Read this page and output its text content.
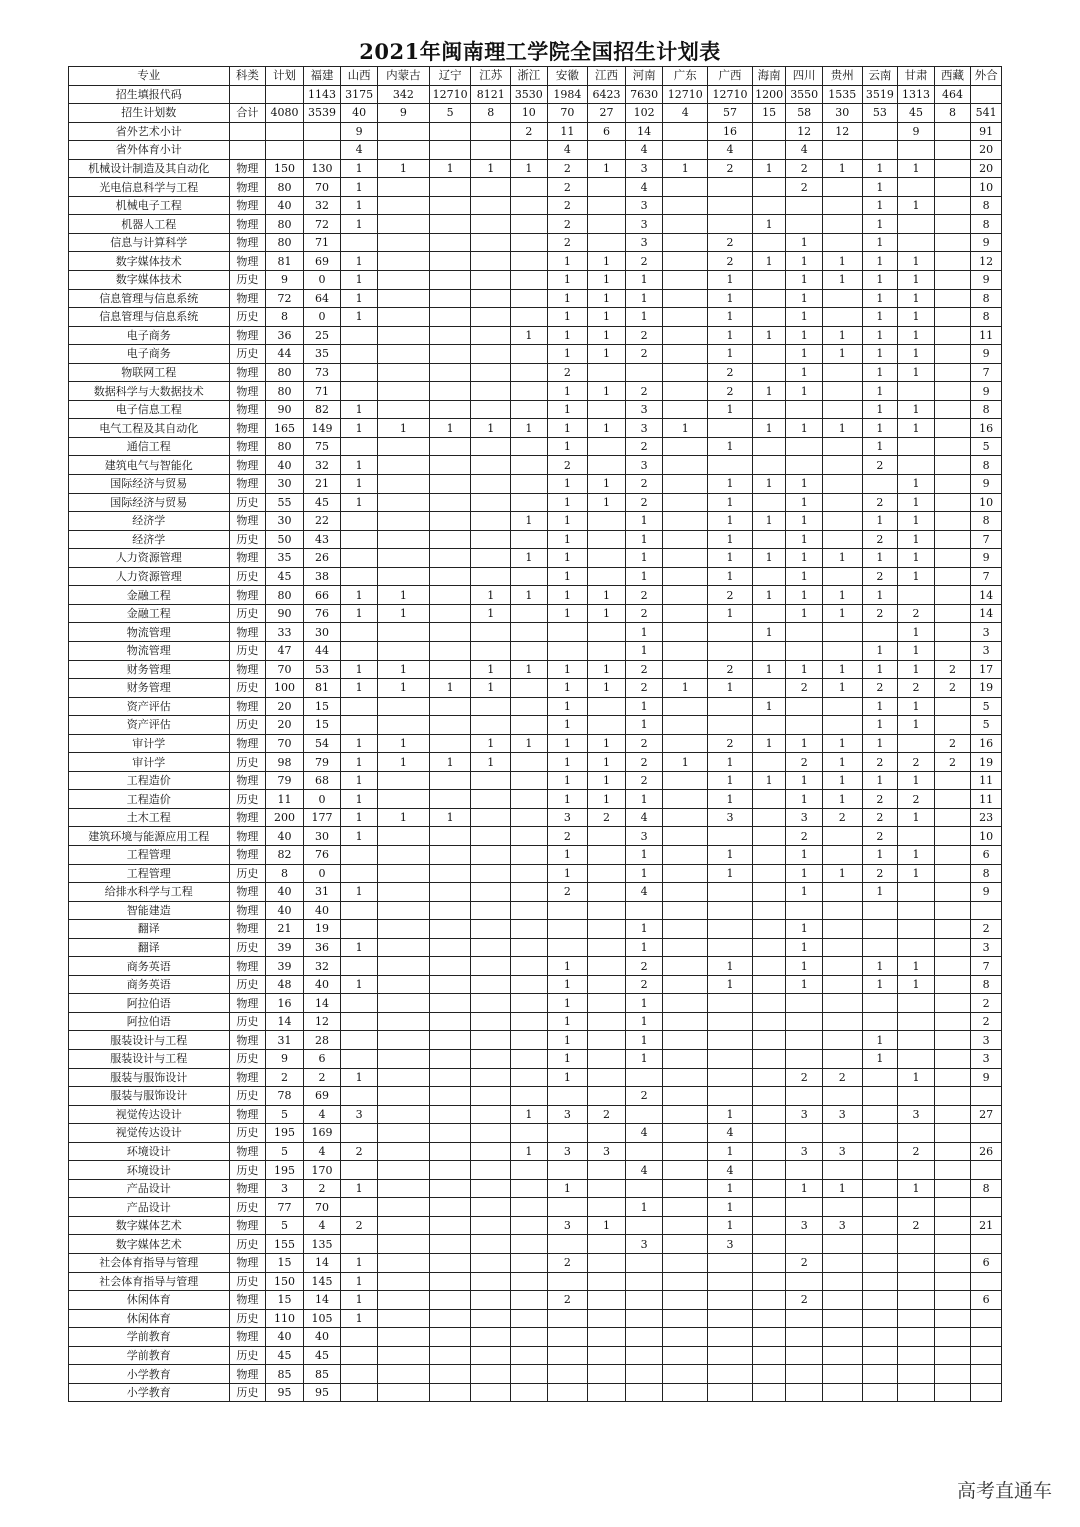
2021年闽南理工学院全国招生计划表
专业	科类	计划	福建	山西	内蒙古	辽宁	江苏	浙江	安徽	江西	河南	广东	广西	海南	四川	贵州	云南	甘肃	西藏	外合
招生填报代码			1143	3175	342	12710	8121	3530	1984	6423	7630	12710	12710	1200	3550	1535	3519	1313	464	
招生计划数	合计	4080	3539	40	9	5	8	10	70	27	102	4	57	15	58	30	53	45	8	541
省外艺术小计				9				2	11	6	14		16		12	12		9		91
省外体育小计				4					4		4		4		4					20
机械设计制造及其自动化	物理	150	130	1	1	1	1	1	2	1	3	1	2	1	2	1	1	1		20
光电信息科学与工程	物理	80	70	1					2		4				2		1			10
机械电子工程	物理	40	32	1					2		3						1	1		8
机器人工程	物理	80	72	1					2		3			1			1			8
信息与计算科学	物理	80	71						2		3		2		1		1			9
数字媒体技术	物理	81	69	1					1	1	2		2	1	1	1	1	1		12
数字媒体技术	历史	9	0	1					1	1	1		1		1	1	1	1		9
信息管理与信息系统	物理	72	64	1					1	1	1		1		1		1	1		8
信息管理与信息系统	历史	8	0	1					1	1	1		1		1		1	1		8
电子商务	物理	36	25					1	1	1	2		1	1	1	1	1	1		11
电子商务	历史	44	35						1	1	2		1		1	1	1	1		9
物联网工程	物理	80	73						2				2		1		1	1		7
数据科学与大数据技术	物理	80	71						1	1	2		2	1	1		1			9
电子信息工程	物理	90	82	1					1		3		1				1	1		8
电气工程及其自动化	物理	165	149	1	1	1	1	1	1	1	3	1		1	1	1	1	1		16
通信工程	物理	80	75						1		2		1				1			5
建筑电气与智能化	物理	40	32	1					2		3						2			8
国际经济与贸易	物理	30	21	1					1	1	2		1	1	1			1		9
国际经济与贸易	历史	55	45	1					1	1	2		1		1		2	1		10
经济学	物理	30	22					1	1		1		1	1	1		1	1		8
经济学	历史	50	43						1		1		1		1		2	1		7
人力资源管理	物理	35	26					1	1		1		1	1	1	1	1	1		9
人力资源管理	历史	45	38						1		1		1		1		2	1		7
金融工程	物理	80	66	1	1		1	1	1	1	2		2	1	1	1	1			14
金融工程	历史	90	76	1	1		1		1	1	2		1		1	1	2	2		14
物流管理	物理	33	30								1			1				1		3
物流管理	历史	47	44								1						1	1		3
财务管理	物理	70	53	1	1		1	1	1	1	2		2	1	1	1	1	1	2	17
财务管理	历史	100	81	1	1	1	1		1	1	2	1	1		2	1	2	2	2	19
资产评估	物理	20	15						1		1			1			1	1		5
资产评估	历史	20	15						1		1						1	1		5
审计学	物理	70	54	1	1		1	1	1	1	2		2	1	1	1	1		2	16
审计学	历史	98	79	1	1	1	1		1	1	2	1	1		2	1	2	2	2	19
工程造价	物理	79	68	1					1	1	2		1	1	1	1	1	1		11
工程造价	历史	11	0	1					1	1	1		1		1	1	2	2		11
土木工程	物理	200	177	1	1	1			3	2	4		3		3	2	2	1		23
建筑环境与能源应用工程	物理	40	30	1					2		3				2		2			10
工程管理	物理	82	76						1		1		1		1		1	1		6
工程管理	历史	8	0						1		1		1		1	1	2	1		8
给排水科学与工程	物理	40	31	1					2		4				1		1			9
智能建造	物理	40	40																	
翻译	物理	21	19								1				1					2
翻译	历史	39	36	1							1				1					3
商务英语	物理	39	32						1		2		1		1		1	1		7
商务英语	历史	48	40	1					1		2		1		1		1	1		8
阿拉伯语	物理	16	14						1		1									2
阿拉伯语	历史	14	12						1		1									2
服装设计与工程	物理	31	28						1		1						1			3
服装设计与工程	历史	9	6						1		1						1			3
服装与服饰设计	物理	2	2	1					1						2	2		1		9
服装与服饰设计	历史	78	69								2									
视觉传达设计	物理	5	4	3				1	3	2			1		3	3		3		27
视觉传达设计	历史	195	169								4		4							
环境设计	物理	5	4	2				1	3	3			1		3	3		2		26
环境设计	历史	195	170								4		4							
产品设计	物理	3	2	1					1				1		1	1		1		8
产品设计	历史	77	70								1		1							
数字媒体艺术	物理	5	4	2					3	1			1		3	3		2		21
数字媒体艺术	历史	155	135								3		3							
社会体育指导与管理	物理	15	14	1					2						2					6
社会体育指导与管理	历史	150	145	1																
休闲体育	物理	15	14	1					2						2					6
休闲体育	历史	110	105	1																
学前教育	物理	40	40																	
学前教育	历史	45	45																	
小学教育	物理	85	85																	
小学教育	历史	95	95																	
高考直通车
